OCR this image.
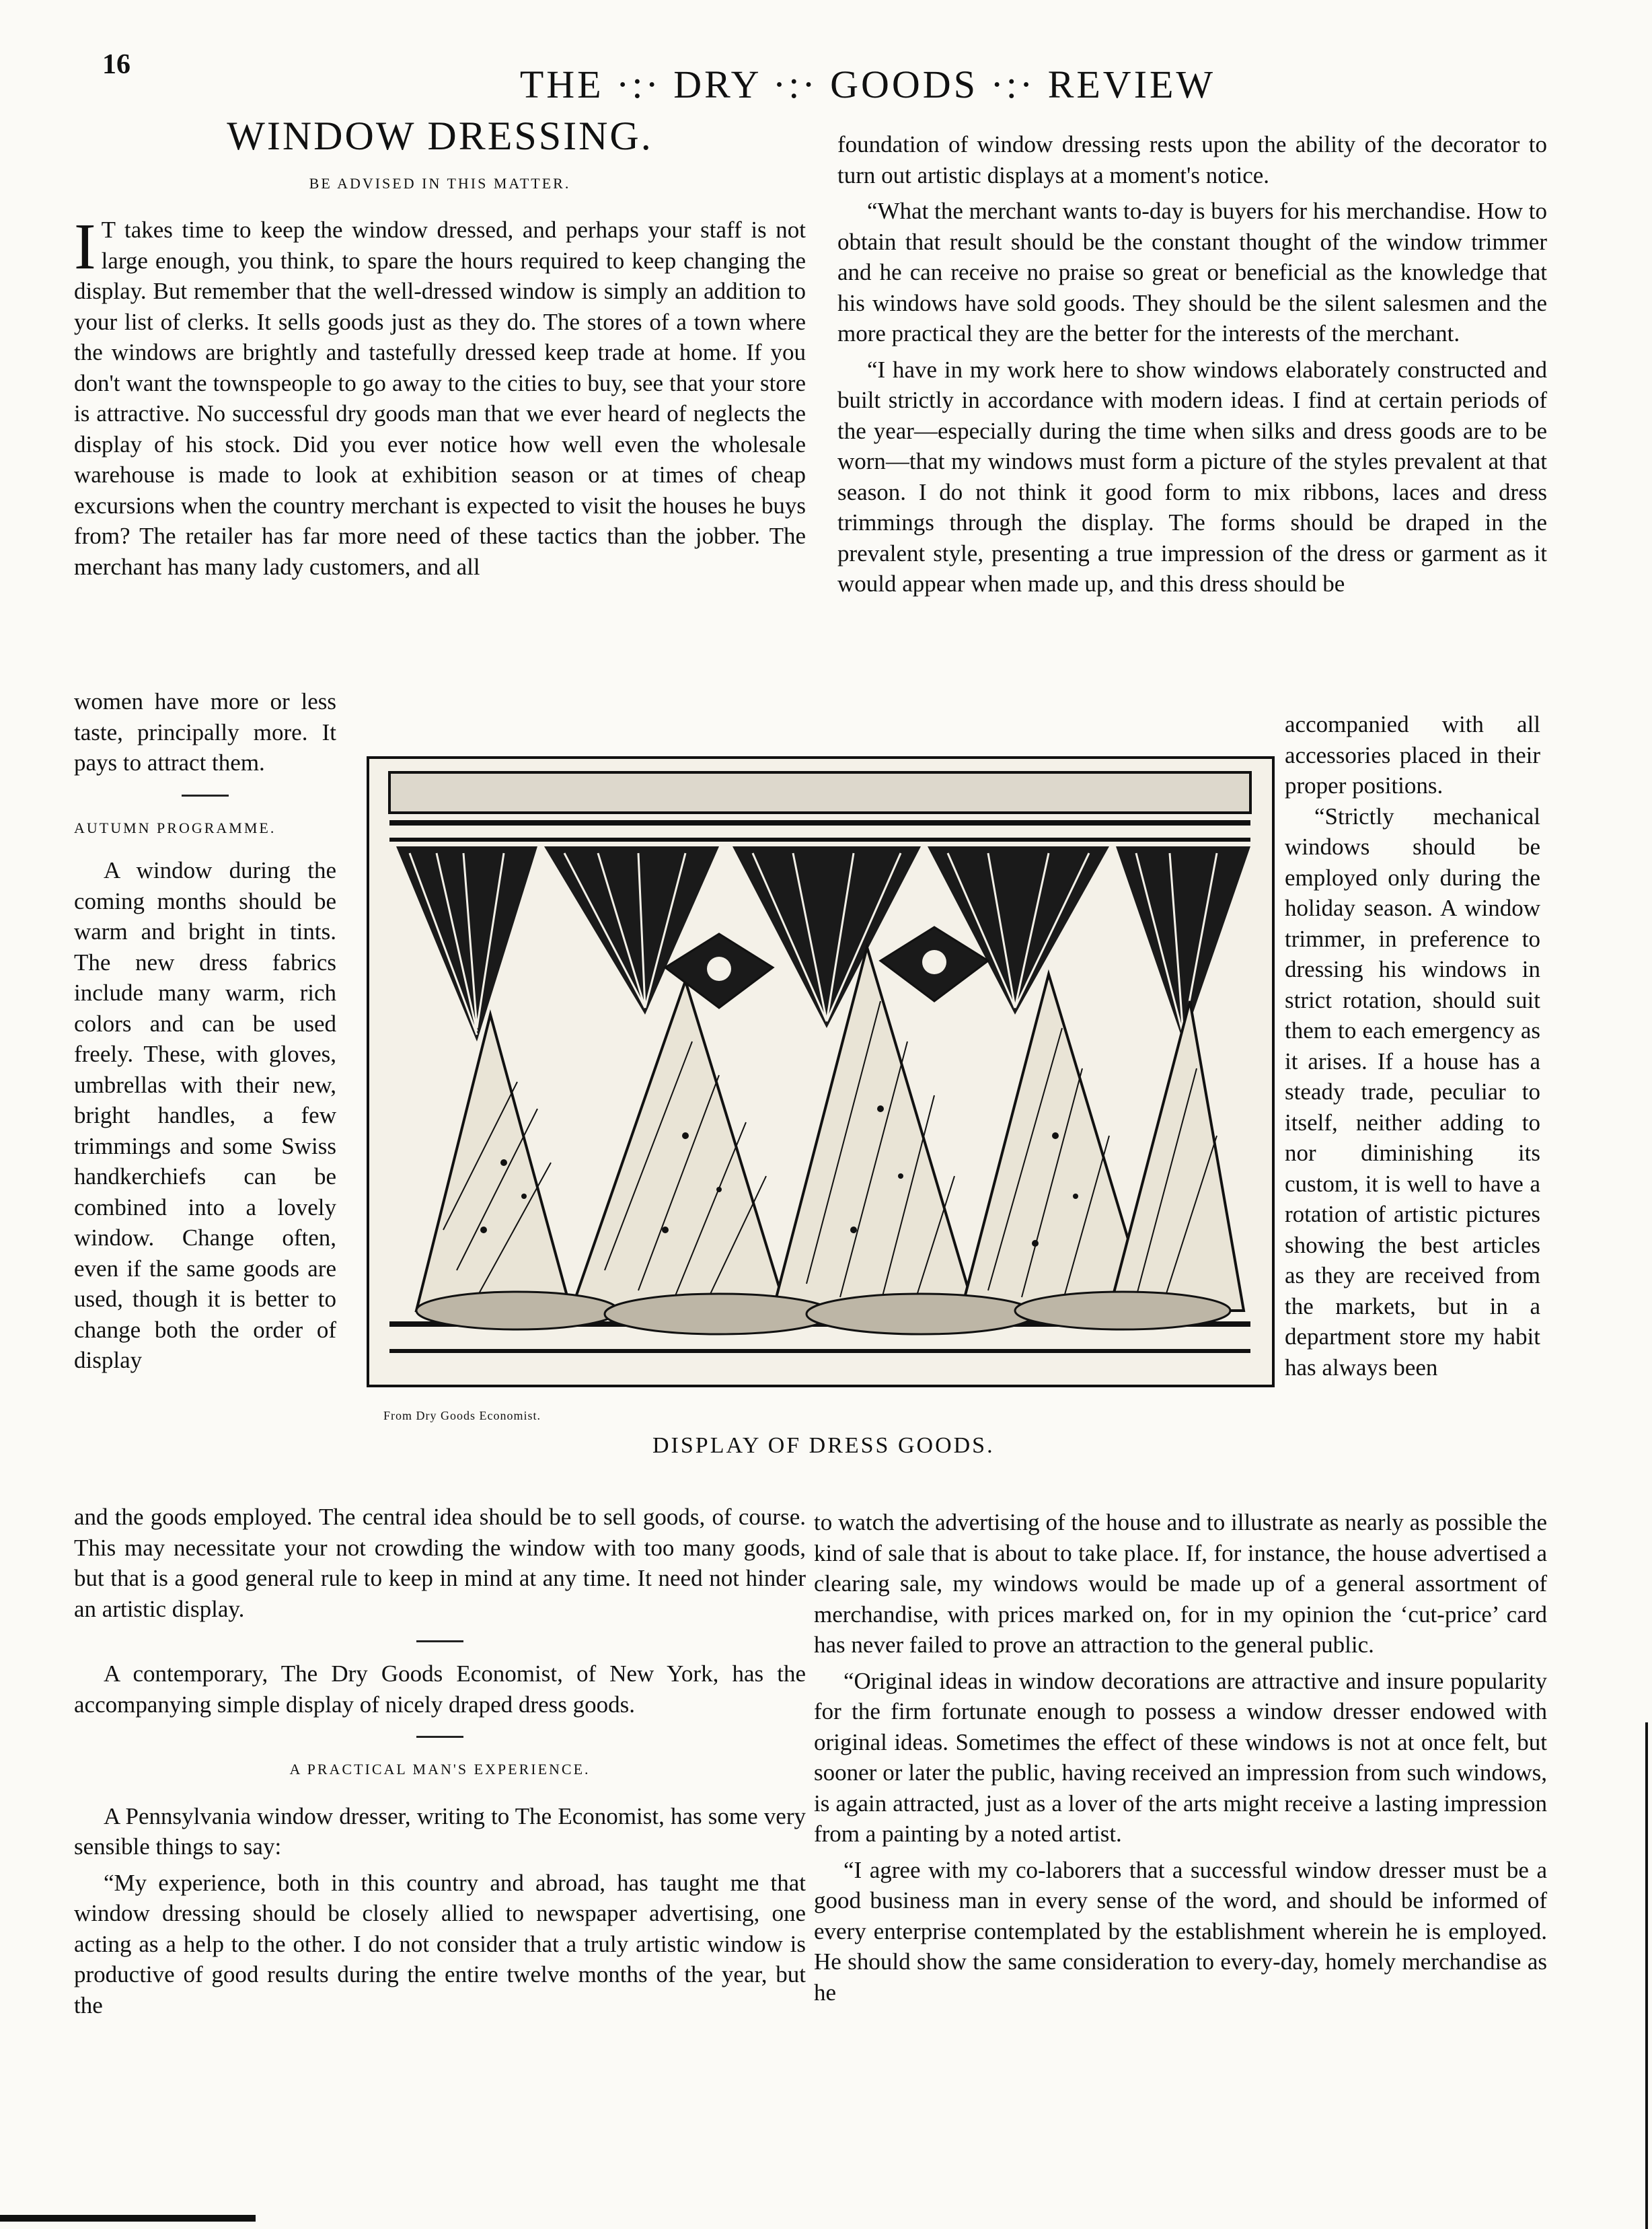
16	THE ·:· DRY ·:· GOODS ·:· REVIEW
WINDOW DRESSING.
BE ADVISED IN THIS MATTER.

I T takes time to keep the window dressed, and perhaps your staff is not large enough, you think, to spare the hours required to keep changing the display. But remember that the well-dressed window is simply an addition to your list of clerks. It sells goods just as they do. The stores of a town where the windows are brightly and tastefully dressed keep trade at home. If you don't want the townspeople to go away to the cities to buy, see that your store is attractive. No successful dry goods man that we ever heard of neglects the display of his stock. Did you ever notice how well even the wholesale warehouse is made to look at exhibition season or at times of cheap excursions when the country merchant is expected to visit the houses he buys from? The retailer has far more need of these tactics than the jobber. The merchant has many lady customers, and all

women have more or less taste, principally more. It pays to attract them.

AUTUMN PROGRAMME.

A window during the coming months should be warm and bright in tints. The new dress fabrics include many warm, rich colors and can be used freely. These, with gloves, umbrellas with their new, bright handles, a few trimmings and some Swiss handkerchiefs can be combined into a lovely window. Change often, even if the same goods are used, though it is better to change both the order of display

From Dry Goods Economist.
DISPLAY OF DRESS GOODS.

and the goods employed. The central idea should be to sell goods, of course. This may necessitate your not crowding the window with too many goods, but that is a good general rule to keep in mind at any time. It need not hinder an artistic display.

A contemporary, The Dry Goods Economist, of New York, has the accompanying simple display of nicely draped dress goods.

A PRACTICAL MAN'S EXPERIENCE.

A Pennsylvania window dresser, writing to The Economist, has some very sensible things to say:

“My experience, both in this country and abroad, has taught me that window dressing should be closely allied to newspaper advertising, one acting as a help to the other. I do not consider that a truly artistic window is productive of good results during the entire twelve months of the year, but the

foundation of window dressing rests upon the ability of the decorator to turn out artistic displays at a moment's notice.

“What the merchant wants to-day is buyers for his merchandise. How to obtain that result should be the constant thought of the window trimmer and he can receive no praise so great or beneficial as the knowledge that his windows have sold goods. They should be the silent salesmen and the more practical they are the better for the interests of the merchant.

“I have in my work here to show windows elaborately constructed and built strictly in accordance with modern ideas. I find at certain periods of the year—especially during the time when silks and dress goods are to be worn—that my windows must form a picture of the styles prevalent at that season. I do not think it good form to mix ribbons, laces and dress trimmings through the display. The forms should be draped in the prevalent style, presenting a true impression of the dress or garment as it would appear when made up, and this dress should be

accompanied with all accessories placed in their proper positions.

“Strictly mechanical windows should be employed only during the holiday season. A window trimmer, in preference to dressing his windows in strict rotation, should suit them to each emergency as it arises. If a house has a steady trade, peculiar to itself, neither adding to nor diminishing its custom, it is well to have a rotation of artistic pictures showing the best articles as they are received from the markets, but in a department store my habit has always been

to watch the advertising of the house and to illustrate as nearly as possible the kind of sale that is about to take place. If, for instance, the house advertised a clearing sale, my windows would be made up of a general assortment of merchandise, with prices marked on, for in my opinion the ‘cut-price’ card has never failed to prove an attraction to the general public.

“Original ideas in window decorations are attractive and insure popularity for the firm fortunate enough to possess a window dresser endowed with original ideas. Sometimes the effect of these windows is not at once felt, but sooner or later the public, having received an impression from such windows, is again attracted, just as a lover of the arts might receive a lasting impression from a painting by a noted artist.

“I agree with my co-laborers that a successful window dresser must be a good business man in every sense of the word, and should be informed of every enterprise contemplated by the establishment wherein he is employed. He should show the same consideration to every-day, homely merchandise as he
